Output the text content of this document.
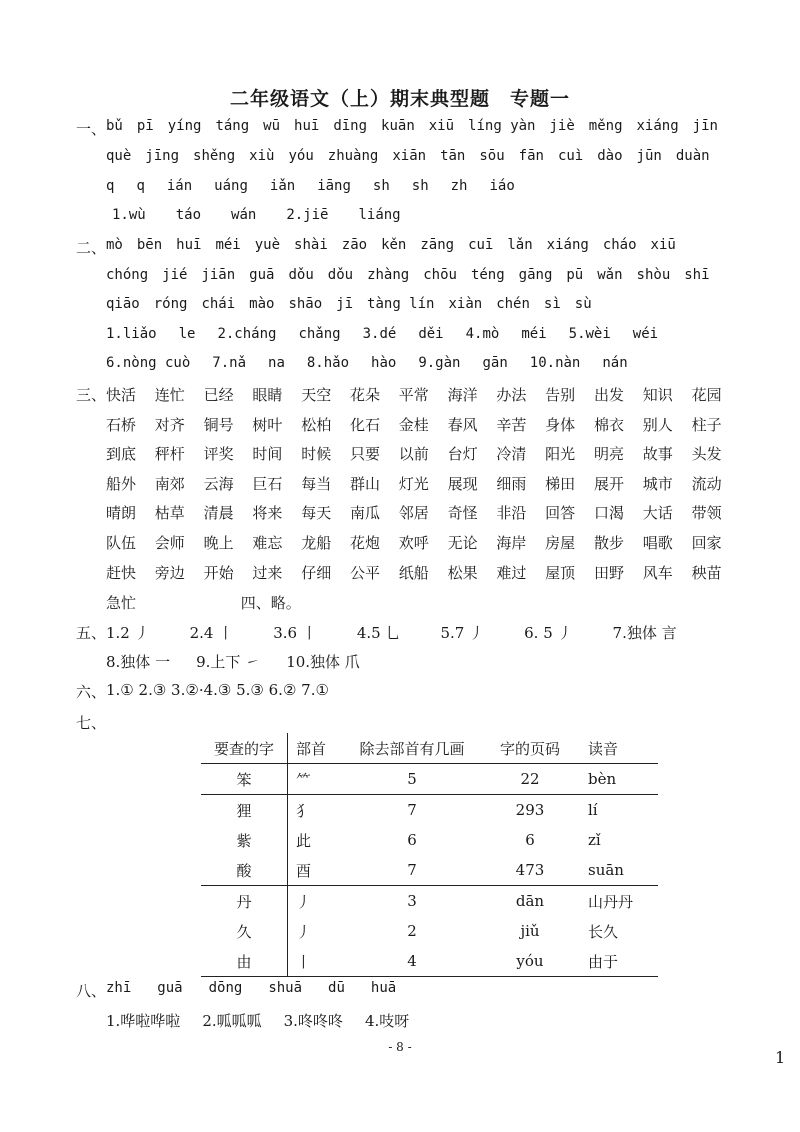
二年级语文（上）期末典型题　专题一
一、 bǔ pī yíng táng wū huī dīng kuān xiū líng yàn jiè měng xiáng jīn
què jīng shěng xiù yóu zhuàng xiān tān sōu fān cuì dào jūn duàn
q q ián uáng iǎn iāng sh sh zh iáo
1.wù táo wán 2.jiē liáng
二、 mò bēn huī méi yuè shài zāo kěn zāng cuī lǎn xiáng cháo xiū
chóng jié jiān guā dǒu dǒu zhàng chōu téng gāng pū wǎn shòu shī
qiāo róng chái mào shāo jī tàng lín xiàn chén sì sù
1.liǎo le 2.cháng chǎng 3.dé děi 4.mò méi 5.wèi wéi
6.nòng cuò 7.nǎ na 8.hǎo hào 9.gàn gān 10.nàn nán
三、 快活 连忙 已经 眼睛 天空 花朵 平常 海洋 办法 告别 出发 知识 花园
石桥 对齐 铜号 树叶 松柏 化石 金桂 春风 辛苦 身体 棉衣 别人 柱子
到底 秤杆 评奖 时间 时候 只要 以前 台灯 冷清 阳光 明亮 故事 头发
船外 南郊 云海 巨石 每当 群山 灯光 展现 细雨 梯田 展开 城市 流动
晴朗 枯草 清晨 将来 每天 南瓜 邻居 奇怪 非沿 回答 口渴 大话 带领
队伍 会师 晚上 难忘 龙船 花炮 欢呼 无论 海岸 房屋 散步 唱歌 回家
赶快 旁边 开始 过来 仔细 公平 纸船 松果 难过 屋顶 田野 风车 秧苗
急忙	四、略。
五、 1.2 丿	2.4 丨	3.6 丨	4.5 乚	5.7 丿	6. 5 丿	7.独体 言
8.独体 一 9.上下 ㇀ 10.独体 爪
六、 1.① 2.③ 3.②·4.③ 5.③ 6.② 7.①
七、
要查的字	部首	除去部首有几画	字的页码	读音
笨	⺮	5	22	bèn
狸	犭	7	293	lí
紫	此	6	6	zǐ
酸	酉	7	473	suān
丹	丿	3	dān	山丹丹
久	丿	2	jiǔ	长久
由	丨	4	yóu	由于
八、 zhī guā dōng shuā dū huā
1.哗啦哗啦 2.呱呱呱 3.咚咚咚 4.吱呀
- 8 -
1
